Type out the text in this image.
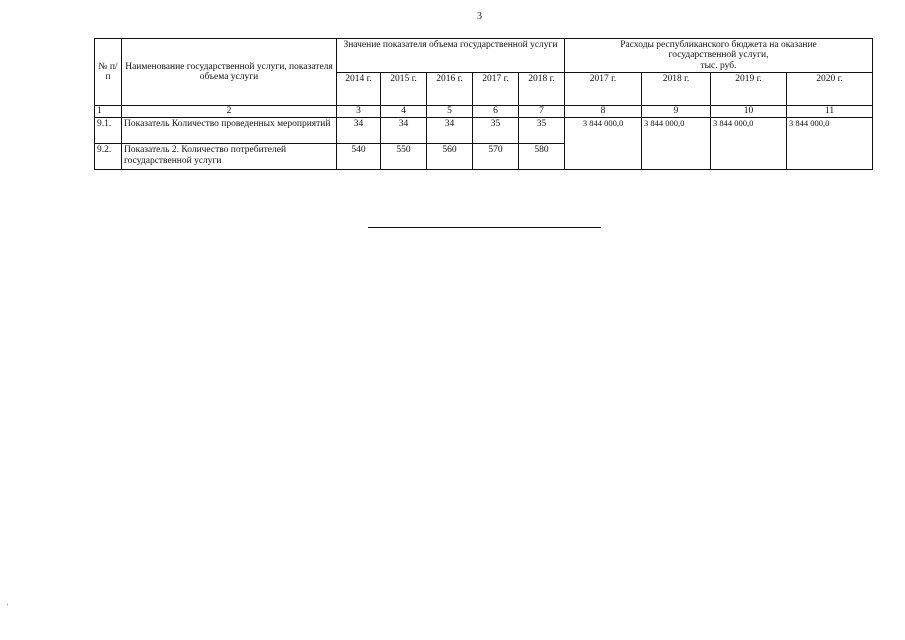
3
№ п/п	Наименование государственной услуги, показателя объема услуги	Значение показателя объема государственной услуги					Расходы республиканского бюджета на оказание
государственной услуги,
тыс. руб.			

		2014 г.	2015 г.	2016 г.	2017 г.	2018 г.	2017 г.	2018 г.	2019 г.	2020 г.
1	2	3	4	5	6	7	8	9	10	11
9.1.	Показатель Количество проведенных мероприятий	34	34	34	35	35	3 844 000,0	3 844 000,0	3 844 000,0	3 844 000,0
9.2.	Показатель 2. Количество потребителей государственной услуги	540	550	560	570	580				
ʿ
